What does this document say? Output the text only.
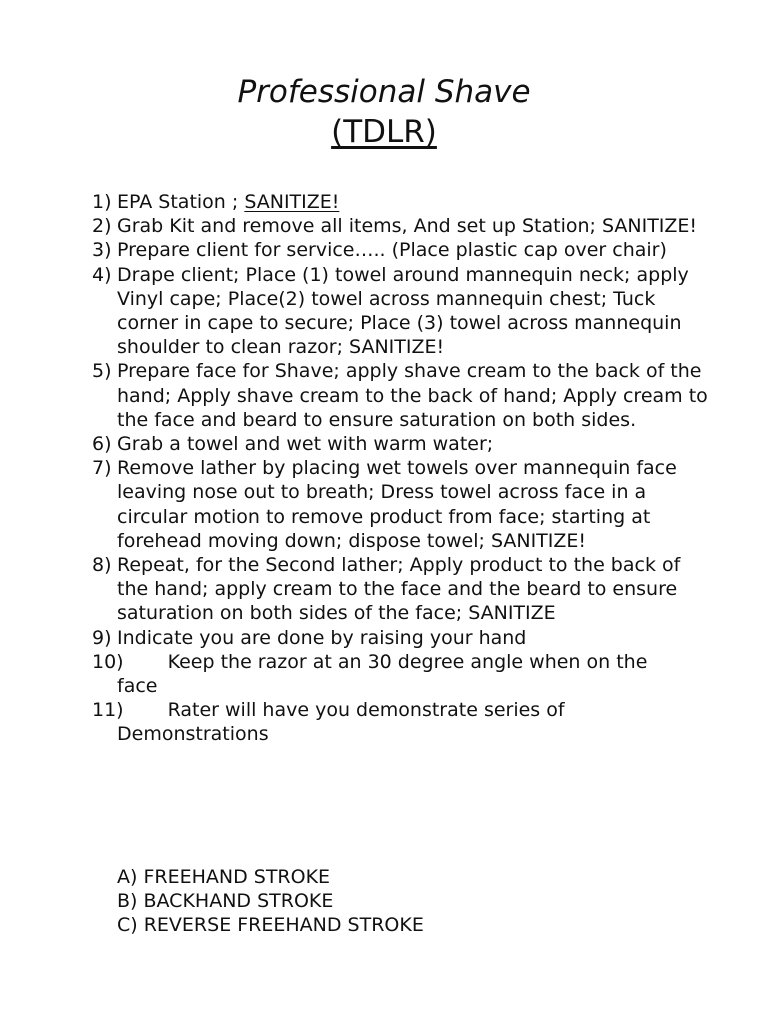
Professional Shave
(TDLR)
1) EPA Station ; SANITIZE!
2) Grab Kit and remove all items, And set up Station; SANITIZE!
3) Prepare client for service….. (Place plastic cap over chair)
4) Drape client; Place (1) towel around mannequin neck; apply Vinyl cape; Place(2) towel across mannequin chest; Tuck corner in cape to secure; Place (3) towel across mannequin shoulder to clean razor; SANITIZE!
5) Prepare face for Shave; apply shave cream to the back of the hand; Apply shave cream to the back of hand; Apply cream to the face and beard to ensure saturation on both sides.
6) Grab a towel and wet with warm water;
7) Remove lather by placing wet towels over mannequin face leaving nose out to breath; Dress towel across face in a circular motion to remove product from face; starting at forehead moving down; dispose towel; SANITIZE!
8) Repeat, for the Second lather; Apply product to the back of the hand; apply cream to the face and the beard to ensure saturation on both sides of the face; SANITIZE
9) Indicate you are done by raising your hand
10) Keep the razor at an 30 degree angle when on the
face
11) Rater will have you demonstrate series of
Demonstrations
A) FREEHAND STROKE
B) BACKHAND STROKE
C) REVERSE FREEHAND STROKE
